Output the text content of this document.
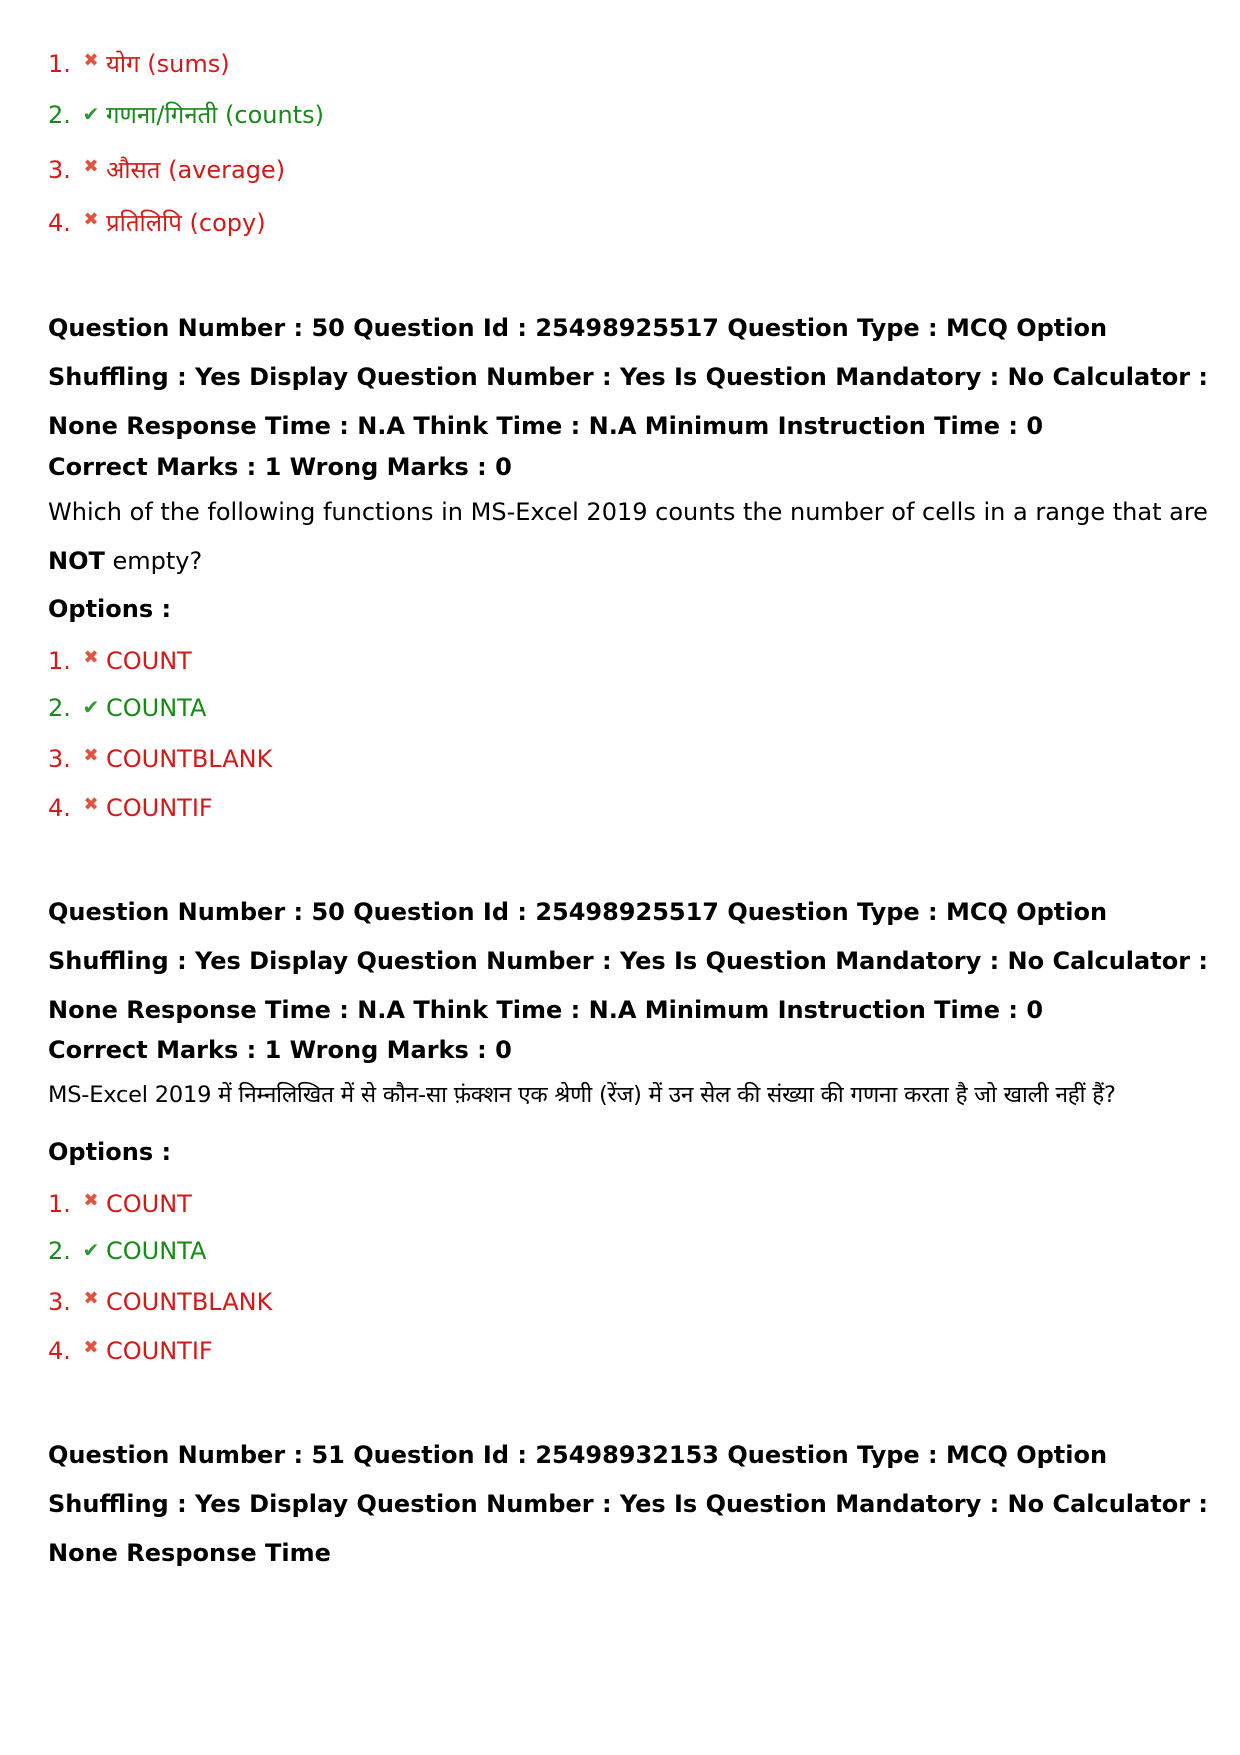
1. ✖ योग (sums)
2. ✔ गणना/गिनती (counts)
3. ✖ औसत (average)
4. ✖ प्रतिलिपि (copy)
Question Number : 50 Question Id : 25498925517 Question Type : MCQ Option Shuffling : Yes Display Question Number : Yes Is Question Mandatory : No Calculator : None Response Time : N.A Think Time : N.A Minimum Instruction Time : 0
Correct Marks : 1 Wrong Marks : 0
Which of the following functions in MS-Excel 2019 counts the number of cells in a range that are NOT empty?
Options :
1. ✖ COUNT
2. ✔ COUNTA
3. ✖ COUNTBLANK
4. ✖ COUNTIF
Question Number : 50 Question Id : 25498925517 Question Type : MCQ Option Shuffling : Yes Display Question Number : Yes Is Question Mandatory : No Calculator : None Response Time : N.A Think Time : N.A Minimum Instruction Time : 0
Correct Marks : 1 Wrong Marks : 0
MS-Excel 2019 में निम्नलिखित में से कौन-सा फ़ंक्शन एक श्रेणी (रेंज) में उन सेल की संख्या की गणना करता है जो खाली नहीं हैं?
Options :
1. ✖ COUNT
2. ✔ COUNTA
3. ✖ COUNTBLANK
4. ✖ COUNTIF
Question Number : 51 Question Id : 25498932153 Question Type : MCQ Option Shuffling : Yes Display Question Number : Yes Is Question Mandatory : No Calculator : None Response Time
